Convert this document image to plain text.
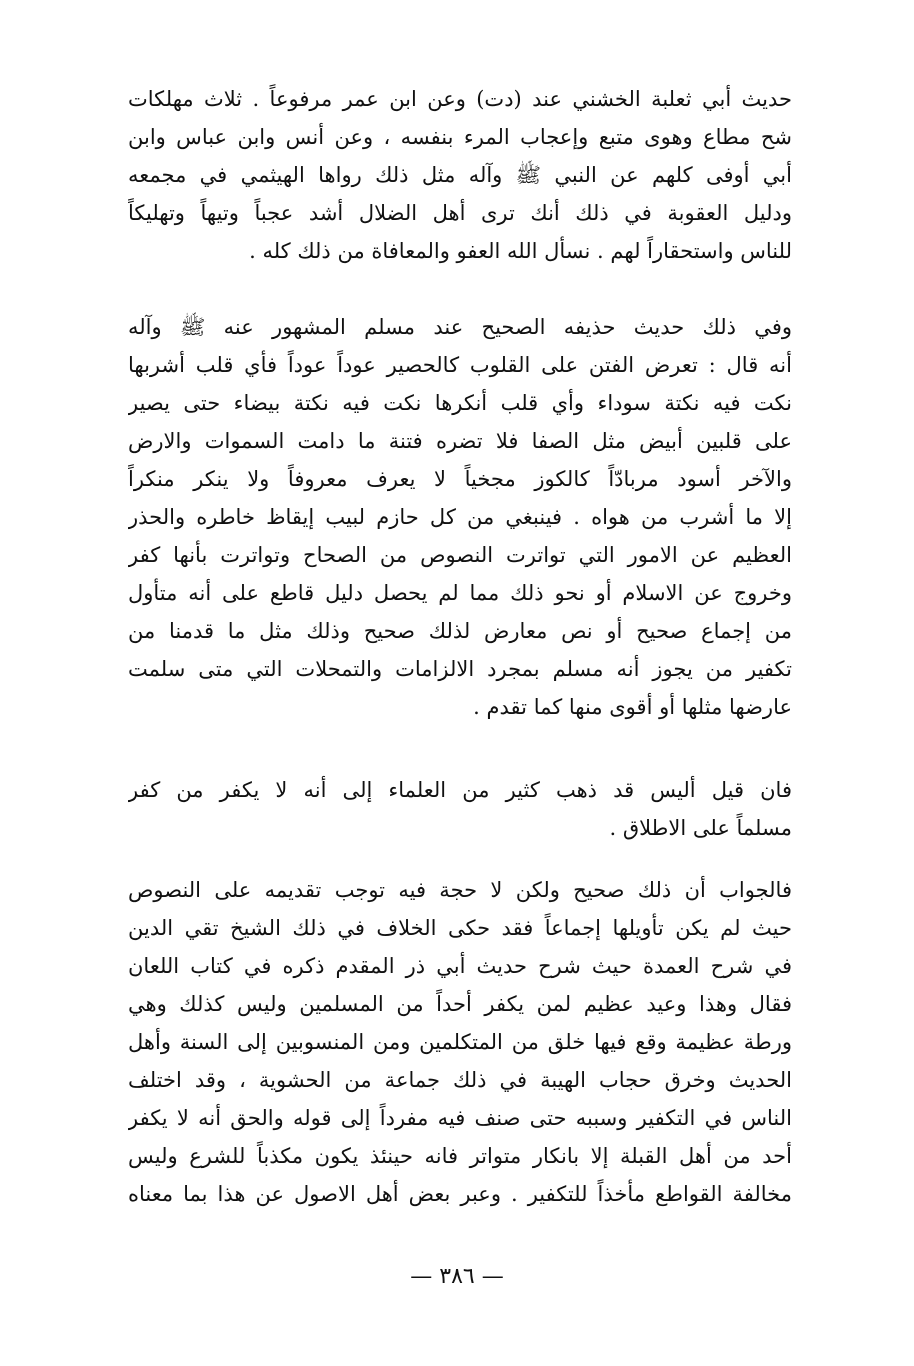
حديث أبي ثعلبة الخشني عند (دت) وعن ابن عمر مرفوعاً . ثلاث مهلكات
شح مطاع وهوى متبع وإعجاب المرء بنفسه ، وعن أنس وابن عباس وابن
أبي أوفى كلهم عن النبي ﷺ وآله مثل ذلك رواها الهيثمي في مجمعه
ودليل العقوبة في ذلك أنك ترى أهل الضلال أشد عجباً وتيهاً وتهليكاً
للناس واستحقاراً لهم . نسأل الله العفو والمعافاة من ذلك كله .
وفي ذلك حديث حذيفه الصحيح عند مسلم المشهور عنه ﷺ وآله
أنه قال : تعرض الفتن على القلوب كالحصير عوداً عوداً فأي قلب أشربها
نكت فيه نكتة سوداء وأي قلب أنكرها نكت فيه نكتة بيضاء حتى يصير
على قلبين أبيض مثل الصفا فلا تضره فتنة ما دامت السموات والارض
والآخر أسود مربادّاً كالكوز مجخياً لا يعرف معروفاً ولا ينكر منكراً
إلا ما أشرب من هواه . فينبغي من كل حازم لبيب إيقاظ خاطره والحذر
العظيم عن الامور التي تواترت النصوص من الصحاح وتواترت بأنها كفر
وخروج عن الاسلام أو نحو ذلك مما لم يحصل دليل قاطع على أنه متأول
من إجماع صحيح أو نص معارض لذلك صحيح وذلك مثل ما قدمنا من
تكفير من يجوز أنه مسلم بمجرد الالزامات والتمحلات التي متى سلمت
عارضها مثلها أو أقوى منها كما تقدم .
فان قيل أليس قد ذهب كثير من العلماء إلى أنه لا يكفر من كفر
مسلماً على الاطلاق .
فالجواب أن ذلك صحيح ولكن لا حجة فيه توجب تقديمه على النصوص
حيث لم يكن تأويلها إجماعاً فقد حكى الخلاف في ذلك الشيخ تقي الدين
في شرح العمدة حيث شرح حديث أبي ذر المقدم ذكره في كتاب اللعان
فقال وهذا وعيد عظيم لمن يكفر أحداً من المسلمين وليس كذلك وهي
ورطة عظيمة وقع فيها خلق من المتكلمين ومن المنسوبين إلى السنة وأهل
الحديث وخرق حجاب الهيبة في ذلك جماعة من الحشوية ، وقد اختلف
الناس في التكفير وسببه حتى صنف فيه مفرداً إلى قوله والحق أنه لا يكفر
أحد من أهل القبلة إلا بانكار متواتر فانه حينئذ يكون مكذباً للشرع وليس
مخالفة القواطع مأخذاً للتكفير . وعبر بعض أهل الاصول عن هذا بما معناه
— ٣٨٦ —
